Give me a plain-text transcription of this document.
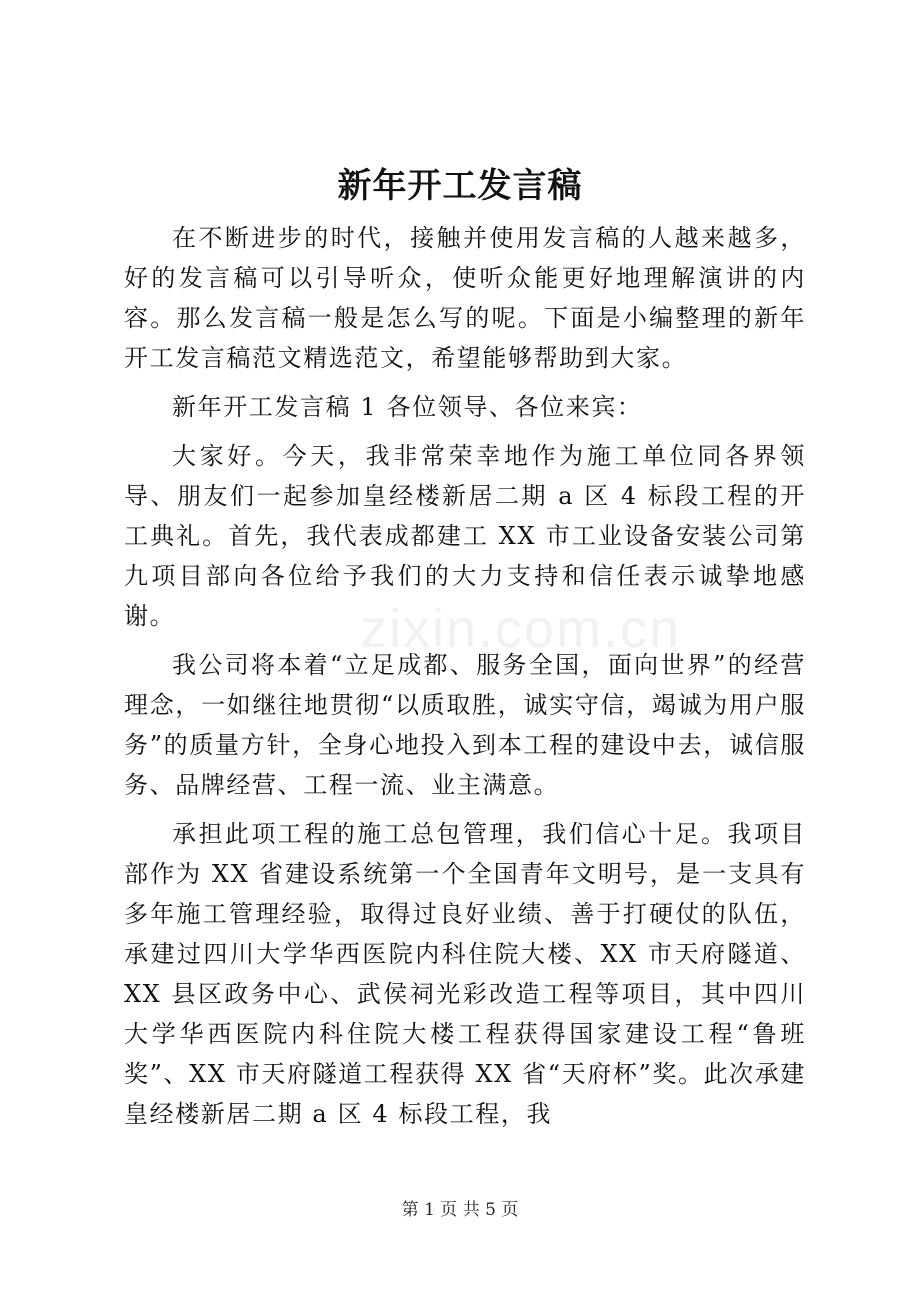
新年开工发言稿

在不断进步的时代，接触并使用发言稿的人越来越多，好的发言稿可以引导听众，使听众能更好地理解演讲的内容。那么发言稿一般是怎么写的呢。下面是小编整理的新年开工发言稿范文精选范文，希望能够帮助到大家。

新年开工发言稿 1 各位领导、各位来宾：

大家好。今天，我非常荣幸地作为施工单位同各界领导、朋友们一起参加皇经楼新居二期 a 区 4 标段工程的开工典礼。首先，我代表成都建工 XX 市工业设备安装公司第九项目部向各位给予我们的大力支持和信任表示诚挚地感谢。

我公司将本着“立足成都、服务全国，面向世界”的经营理念，一如继往地贯彻“以质取胜，诚实守信，竭诚为用户服务”的质量方针，全身心地投入到本工程的建设中去，诚信服务、品牌经营、工程一流、业主满意。

承担此项工程的施工总包管理，我们信心十足。我项目部作为 XX 省建设系统第一个全国青年文明号，是一支具有多年施工管理经验，取得过良好业绩、善于打硬仗的队伍，承建过四川大学华西医院内科住院大楼、XX 市天府隧道、XX 县区政务中心、武侯祠光彩改造工程等项目，其中四川大学华西医院内科住院大楼工程获得国家建设工程“鲁班奖”、XX 市天府隧道工程获得 XX 省“天府杯”奖。此次承建皇经楼新居二期 a 区 4 标段工程，我

zixin.com.cn
第 1 页 共 5 页
